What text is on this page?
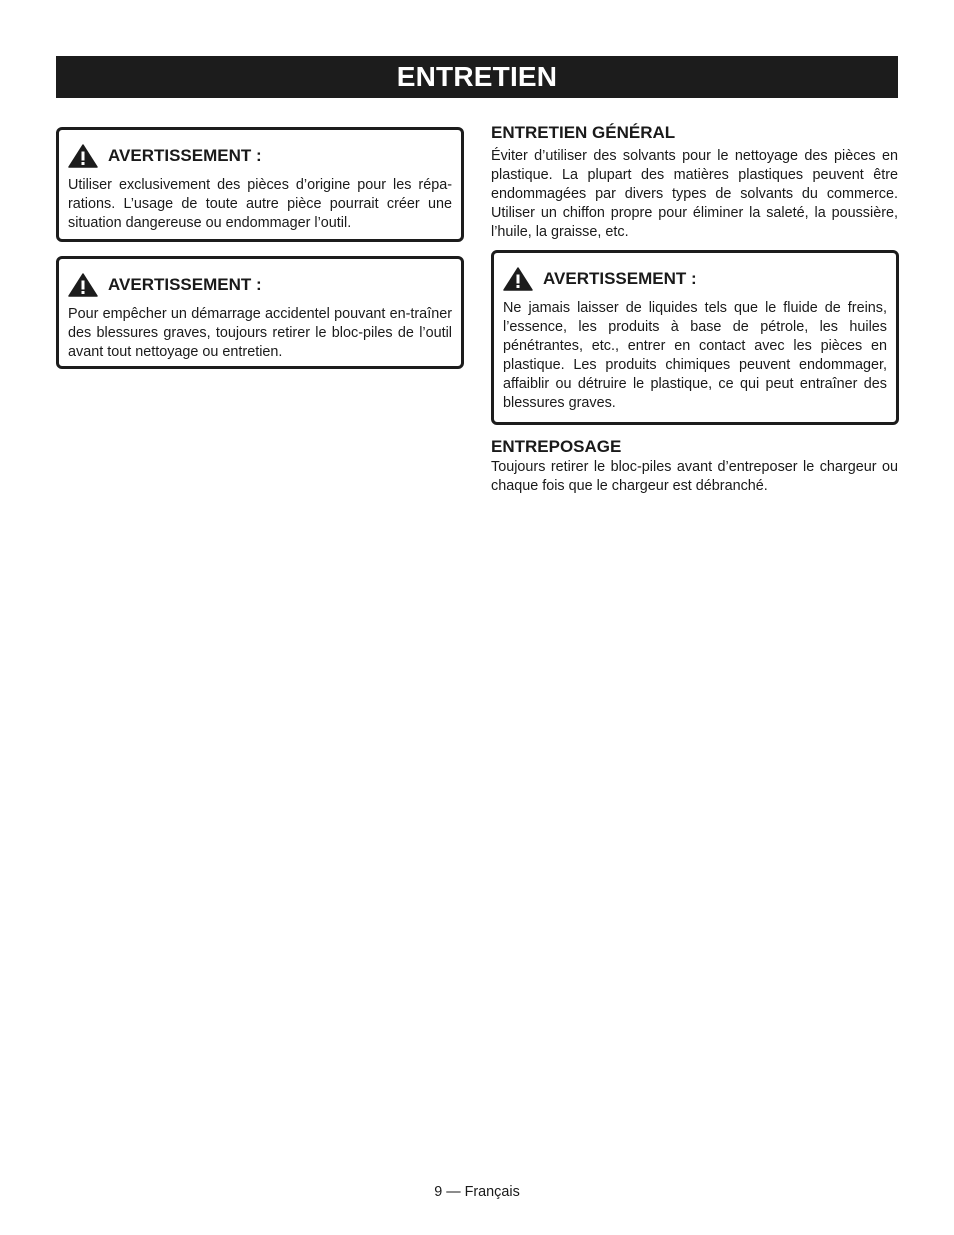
ENTRETIEN
AVERTISSEMENT :
Utiliser exclusivement des pièces d’origine pour les répa-rations. L’usage de toute autre pièce pourrait créer une situation dangereuse ou endommager l’outil.
AVERTISSEMENT :
Pour empêcher un démarrage accidentel pouvant en-traîner des blessures graves, toujours retirer le bloc-piles de l’outil avant tout nettoyage ou entretien.
ENTRETIEN GÉNÉRAL
Éviter d’utiliser des solvants pour le nettoyage des pièces en plastique. La plupart des matières plastiques peuvent être endommagées par divers types de solvants du commerce. Utiliser un chiffon propre pour éliminer la saleté, la poussière, l’huile, la graisse, etc.
AVERTISSEMENT :
Ne jamais laisser de liquides tels que le fluide de freins, l’essence, les produits à base de pétrole, les huiles pénétrantes, etc., entrer en contact avec les pièces en plastique. Les produits chimiques peuvent endommager, affaiblir ou détruire le plastique, ce qui peut entraîner des blessures graves.
ENTREPOSAGE
Toujours retirer le bloc-piles avant d’entreposer le chargeur ou chaque fois que le chargeur est débranché.
9 — Français
